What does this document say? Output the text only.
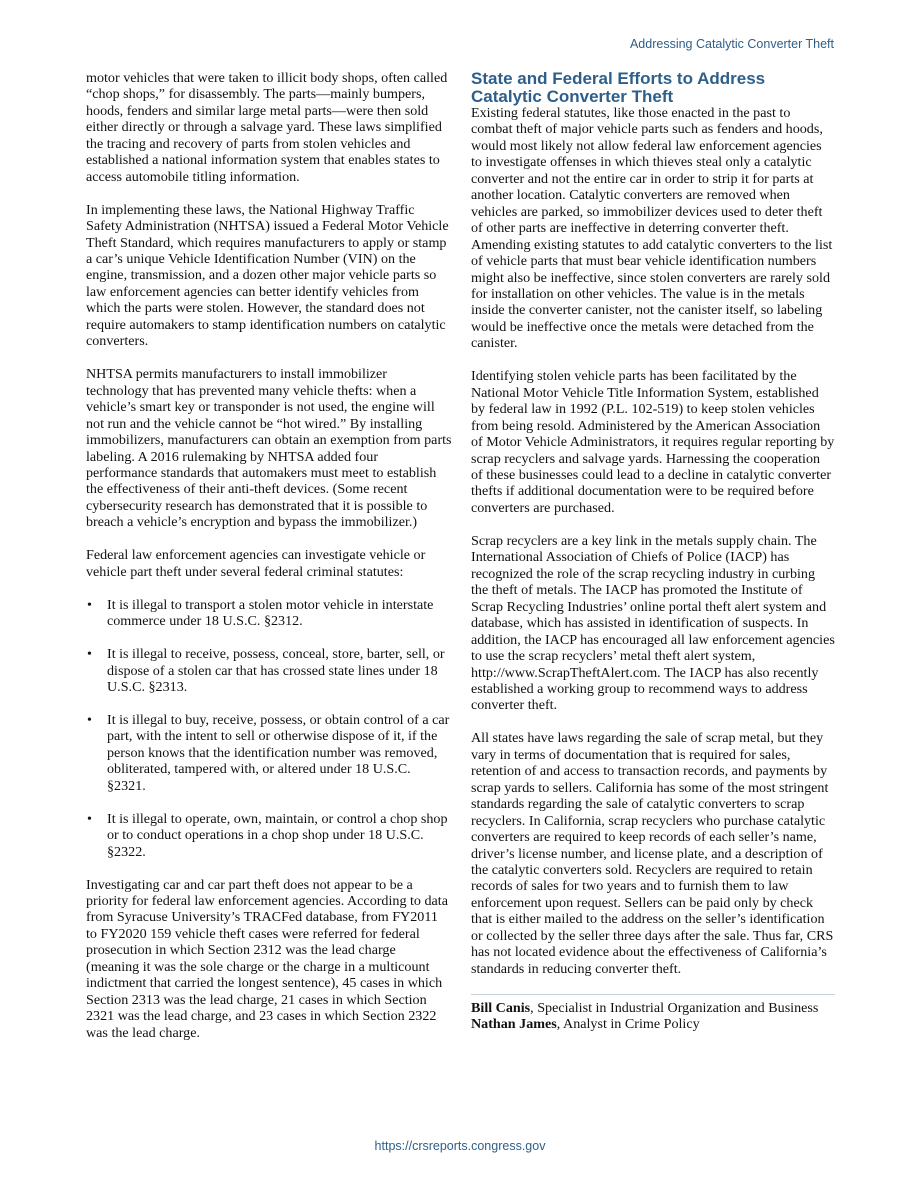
Addressing Catalytic Converter Theft

motor vehicles that were taken to illicit body shops, often called “chop shops,” for disassembly. The parts—mainly bumpers, hoods, fenders and similar large metal parts—were then sold either directly or through a salvage yard. These laws simplified the tracing and recovery of parts from stolen vehicles and established a national information system that enables states to access automobile titling information.

In implementing these laws, the National Highway Traffic Safety Administration (NHTSA) issued a Federal Motor Vehicle Theft Standard, which requires manufacturers to apply or stamp a car’s unique Vehicle Identification Number (VIN) on the engine, transmission, and a dozen other major vehicle parts so law enforcement agencies can better identify vehicles from which the parts were stolen. However, the standard does not require automakers to stamp identification numbers on catalytic converters.

NHTSA permits manufacturers to install immobilizer technology that has prevented many vehicle thefts: when a vehicle’s smart key or transponder is not used, the engine will not run and the vehicle cannot be “hot wired.” By installing immobilizers, manufacturers can obtain an exemption from parts labeling. A 2016 rulemaking by NHTSA added four performance standards that automakers must meet to establish the effectiveness of their anti-theft devices. (Some recent cybersecurity research has demonstrated that it is possible to breach a vehicle’s encryption and bypass the immobilizer.)

Federal law enforcement agencies can investigate vehicle or vehicle part theft under several federal criminal statutes:

• It is illegal to transport a stolen motor vehicle in interstate commerce under 18 U.S.C. §2312.
• It is illegal to receive, possess, conceal, store, barter, sell, or dispose of a stolen car that has crossed state lines under 18 U.S.C. §2313.
• It is illegal to buy, receive, possess, or obtain control of a car part, with the intent to sell or otherwise dispose of it, if the person knows that the identification number was removed, obliterated, tampered with, or altered under 18 U.S.C. §2321.
• It is illegal to operate, own, maintain, or control a chop shop or to conduct operations in a chop shop under 18 U.S.C. §2322.

Investigating car and car part theft does not appear to be a priority for federal law enforcement agencies. According to data from Syracuse University’s TRACFed database, from FY2011 to FY2020 159 vehicle theft cases were referred for federal prosecution in which Section 2312 was the lead charge (meaning it was the sole charge or the charge in a multicount indictment that carried the longest sentence), 45 cases in which Section 2313 was the lead charge, 21 cases in which Section 2321 was the lead charge, and 23 cases in which Section 2322 was the lead charge.

State and Federal Efforts to Address Catalytic Converter Theft

Existing federal statutes, like those enacted in the past to combat theft of major vehicle parts such as fenders and hoods, would most likely not allow federal law enforcement agencies to investigate offenses in which thieves steal only a catalytic converter and not the entire car in order to strip it for parts at another location. Catalytic converters are removed when vehicles are parked, so immobilizer devices used to deter theft of other parts are ineffective in deterring converter theft. Amending existing statutes to add catalytic converters to the list of vehicle parts that must bear vehicle identification numbers might also be ineffective, since stolen converters are rarely sold for installation on other vehicles. The value is in the metals inside the converter canister, not the canister itself, so labeling would be ineffective once the metals were detached from the canister.

Identifying stolen vehicle parts has been facilitated by the National Motor Vehicle Title Information System, established by federal law in 1992 (P.L. 102-519) to keep stolen vehicles from being resold. Administered by the American Association of Motor Vehicle Administrators, it requires regular reporting by scrap recyclers and salvage yards. Harnessing the cooperation of these businesses could lead to a decline in catalytic converter thefts if additional documentation were to be required before converters are purchased.

Scrap recyclers are a key link in the metals supply chain. The International Association of Chiefs of Police (IACP) has recognized the role of the scrap recycling industry in curbing the theft of metals. The IACP has promoted the Institute of Scrap Recycling Industries’ online portal theft alert system and database, which has assisted in identification of suspects. In addition, the IACP has encouraged all law enforcement agencies to use the scrap recyclers’ metal theft alert system, http://www.ScrapTheftAlert.com. The IACP has also recently established a working group to recommend ways to address converter theft.

All states have laws regarding the sale of scrap metal, but they vary in terms of documentation that is required for sales, retention of and access to transaction records, and payments by scrap yards to sellers. California has some of the most stringent standards regarding the sale of catalytic converters to scrap recyclers. In California, scrap recyclers who purchase catalytic converters are required to keep records of each seller’s name, driver’s license number, and license plate, and a description of the catalytic converters sold. Recyclers are required to retain records of sales for two years and to furnish them to law enforcement upon request. Sellers can be paid only by check that is either mailed to the address on the seller’s identification or collected by the seller three days after the sale. Thus far, CRS has not located evidence about the effectiveness of California’s standards in reducing converter theft.

Bill Canis, Specialist in Industrial Organization and Business
Nathan James, Analyst in Crime Policy
https://crsreports.congress.gov
